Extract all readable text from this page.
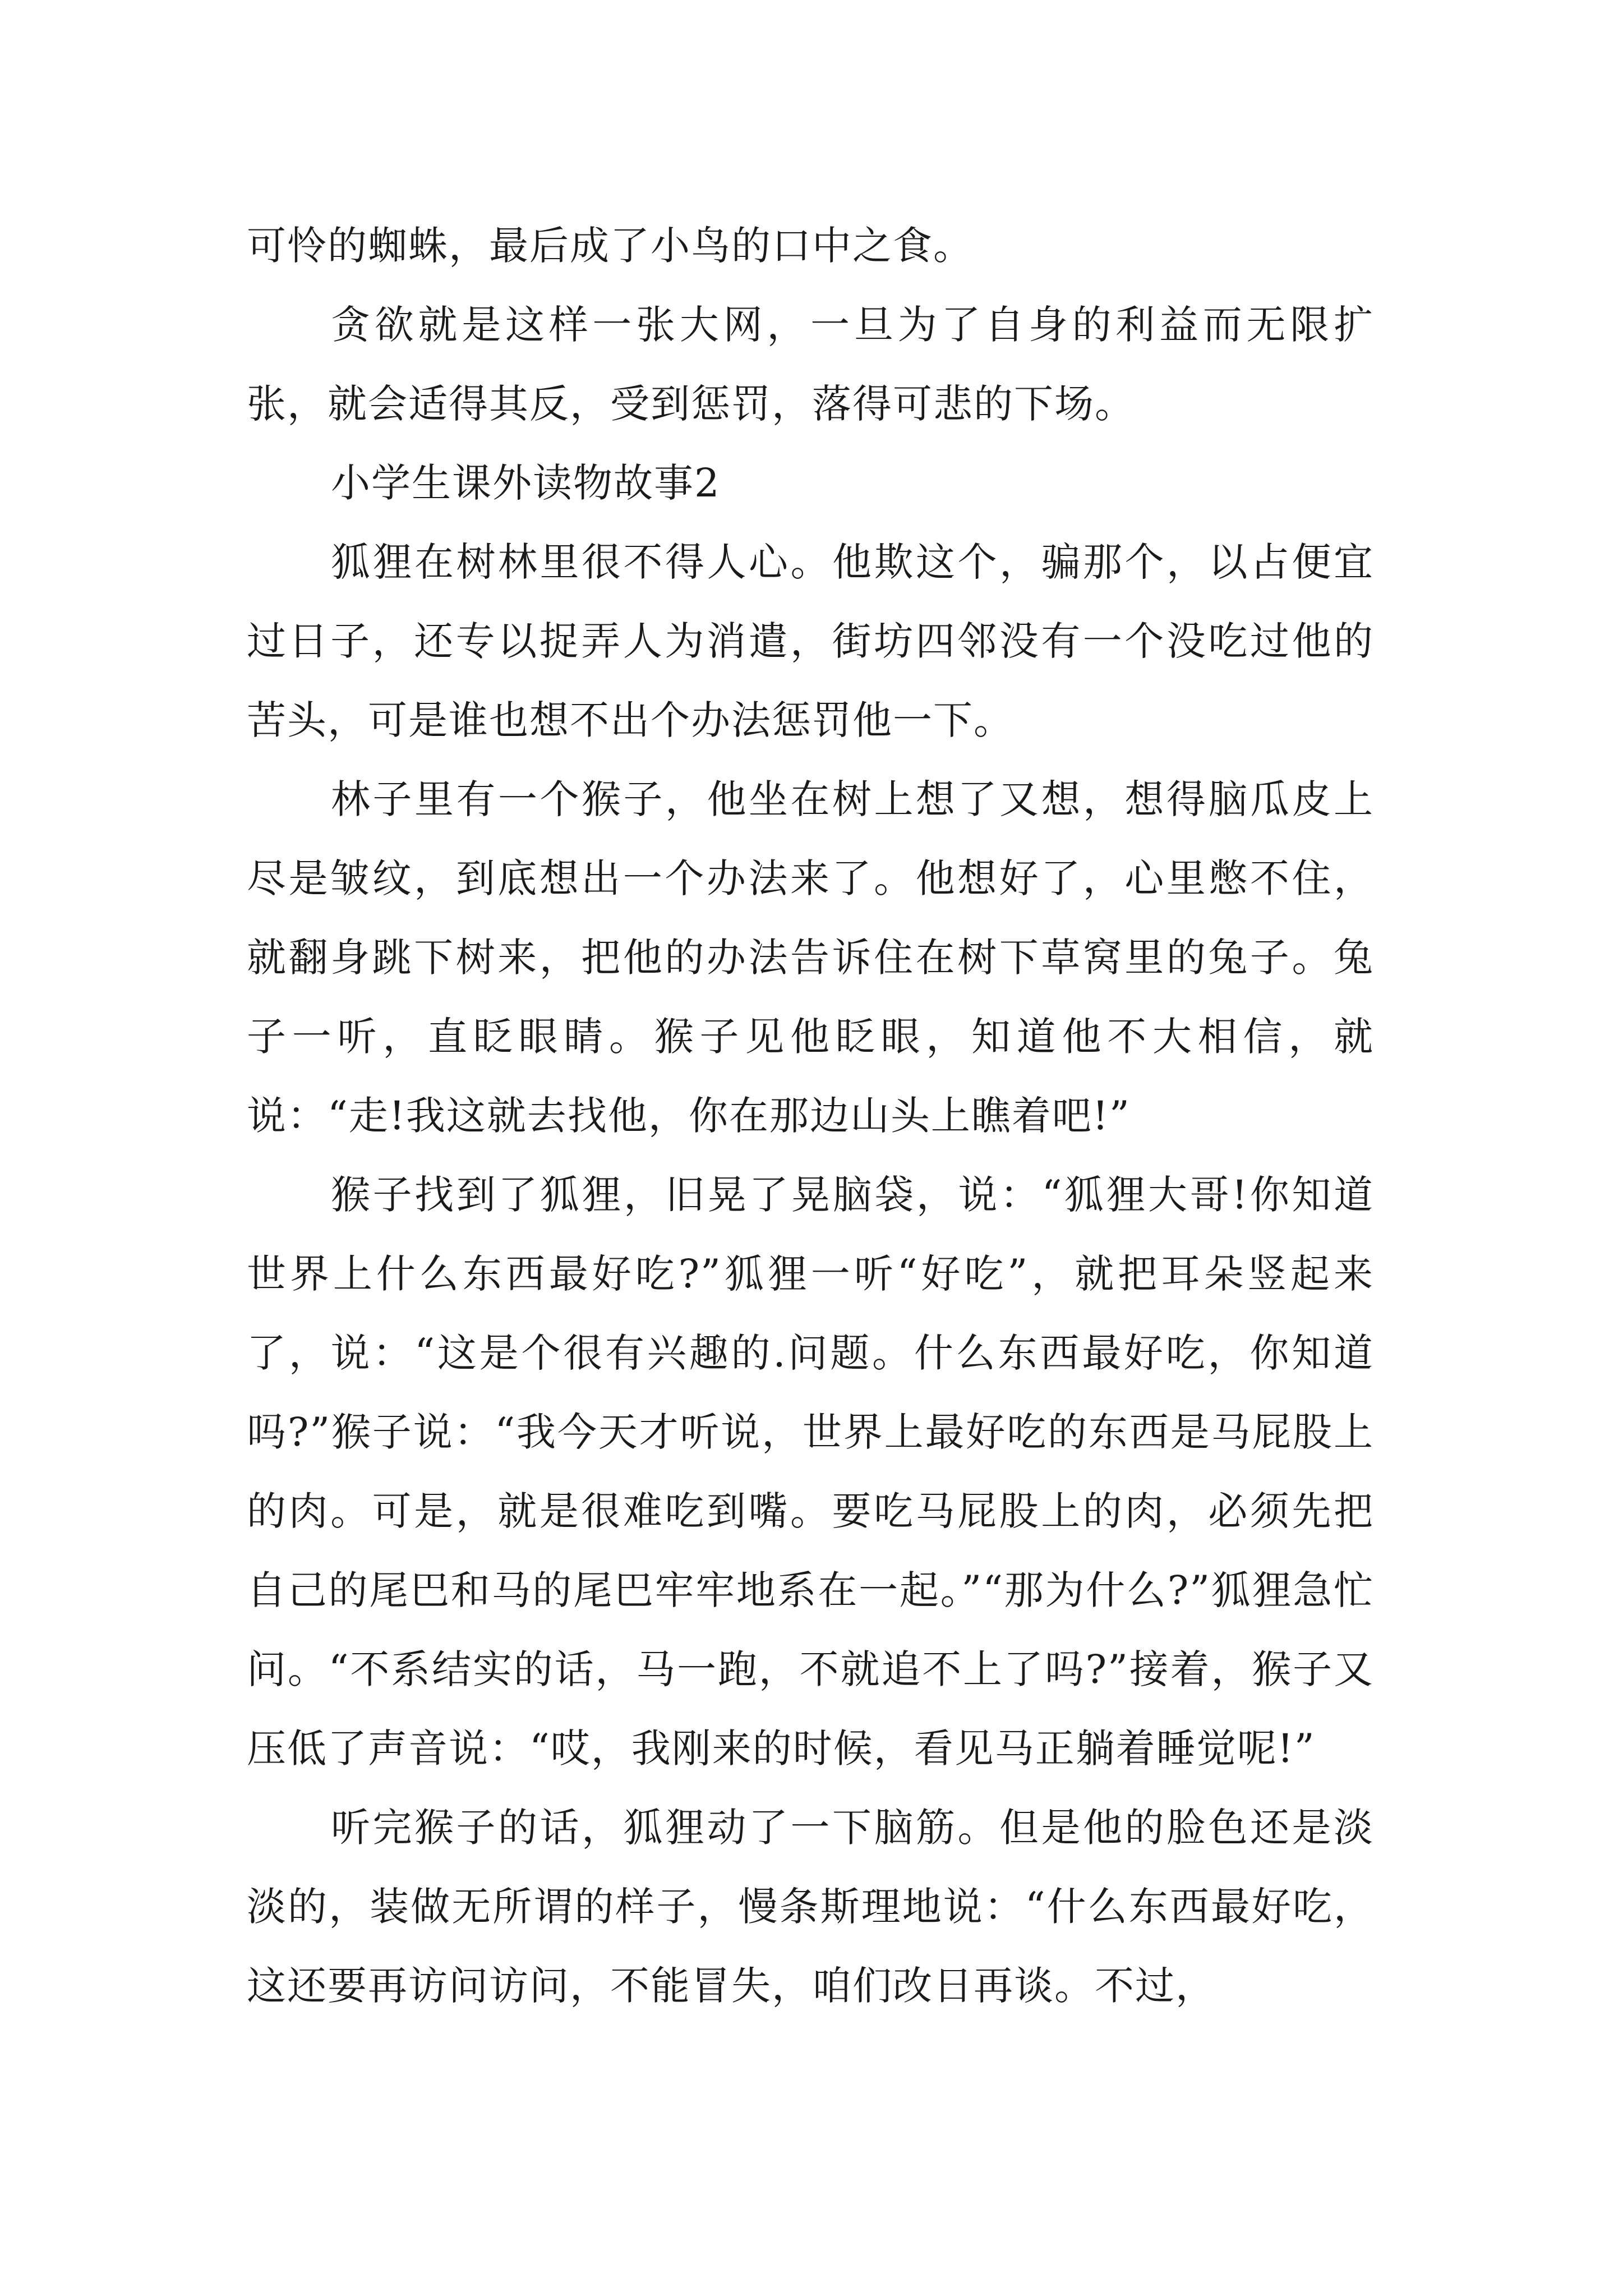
可怜的蜘蛛，最后成了小鸟的口中之食。

贪欲就是这样一张大网，一旦为了自身的利益而无限扩张，就会适得其反，受到惩罚，落得可悲的下场。

小学生课外读物故事2

狐狸在树林里很不得人心。他欺这个，骗那个，以占便宜过日子，还专以捉弄人为消遣，街坊四邻没有一个没吃过他的苦头，可是谁也想不出个办法惩罚他一下。

林子里有一个猴子，他坐在树上想了又想，想得脑瓜皮上尽是皱纹，到底想出一个办法来了。他想好了，心里憋不住，就翻身跳下树来，把他的办法告诉住在树下草窝里的兔子。兔子一听，直眨眼睛。猴子见他眨眼，知道他不大相信，就说：“走!我这就去找他，你在那边山头上瞧着吧!”

猴子找到了狐狸，旧晃了晃脑袋，说：“狐狸大哥!你知道世界上什么东西最好吃?”狐狸一听“好吃”，就把耳朵竖起来了，说：“这是个很有兴趣的.问题。什么东西最好吃，你知道吗?”猴子说：“我今天才听说，世界上最好吃的东西是马屁股上的肉。可是，就是很难吃到嘴。要吃马屁股上的肉，必须先把自己的尾巴和马的尾巴牢牢地系在一起。”“那为什么?”狐狸急忙问。“不系结实的话，马一跑，不就追不上了吗?”接着，猴子又压低了声音说：“哎，我刚来的时候，看见马正躺着睡觉呢!”

听完猴子的话，狐狸动了一下脑筋。但是他的脸色还是淡淡的，装做无所谓的样子，慢条斯理地说：“什么东西最好吃，这还要再访问访问，不能冒失，咱们改日再谈。不过，
